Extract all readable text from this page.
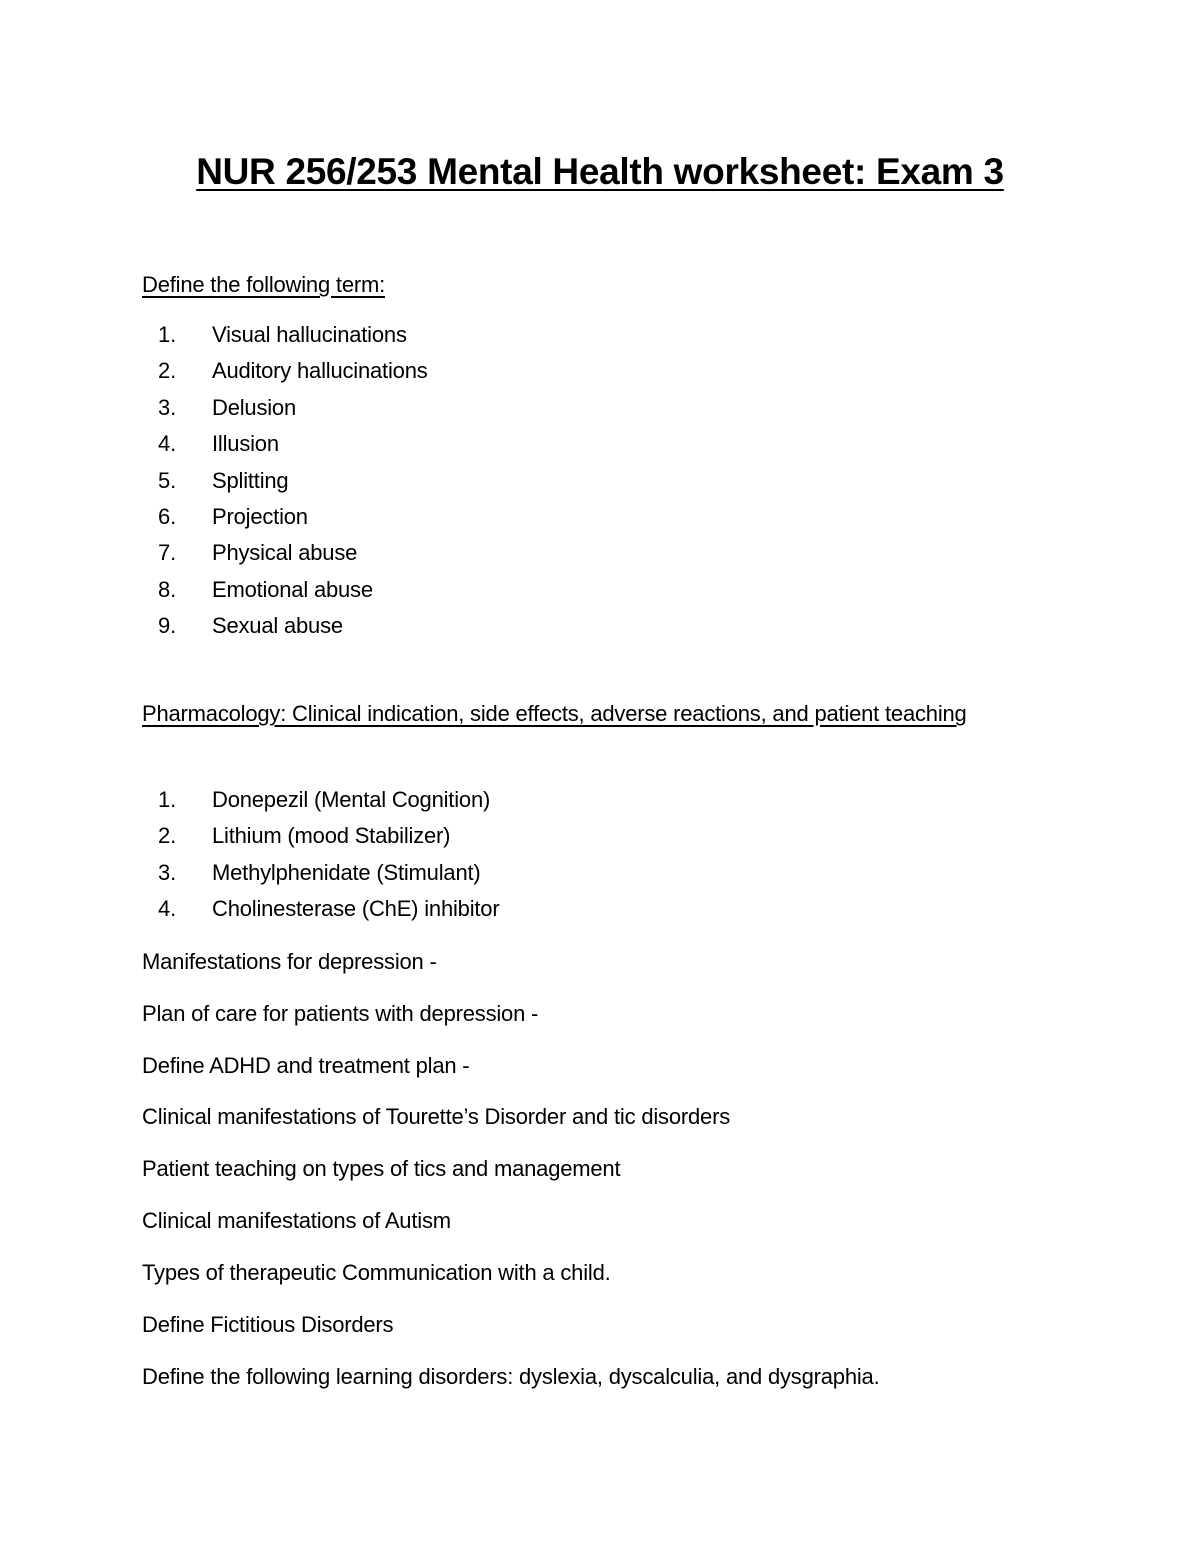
NUR 256/253 Mental Health worksheet: Exam 3
Define the following term:
1. Visual hallucinations
2. Auditory hallucinations
3. Delusion
4. Illusion
5. Splitting
6. Projection
7. Physical abuse
8. Emotional abuse
9. Sexual abuse
Pharmacology: Clinical indication, side effects, adverse reactions, and patient teaching
1. Donepezil (Mental Cognition)
2. Lithium (mood Stabilizer)
3. Methylphenidate (Stimulant)
4. Cholinesterase (ChE) inhibitor
Manifestations for depression -
Plan of care for patients with depression -
Define ADHD and treatment plan -
Clinical manifestations of Tourette’s Disorder and tic disorders
Patient teaching on types of tics and management
Clinical manifestations of Autism
Types of therapeutic Communication with a child.
Define Fictitious Disorders
Define the following learning disorders: dyslexia, dyscalculia, and dysgraphia.
